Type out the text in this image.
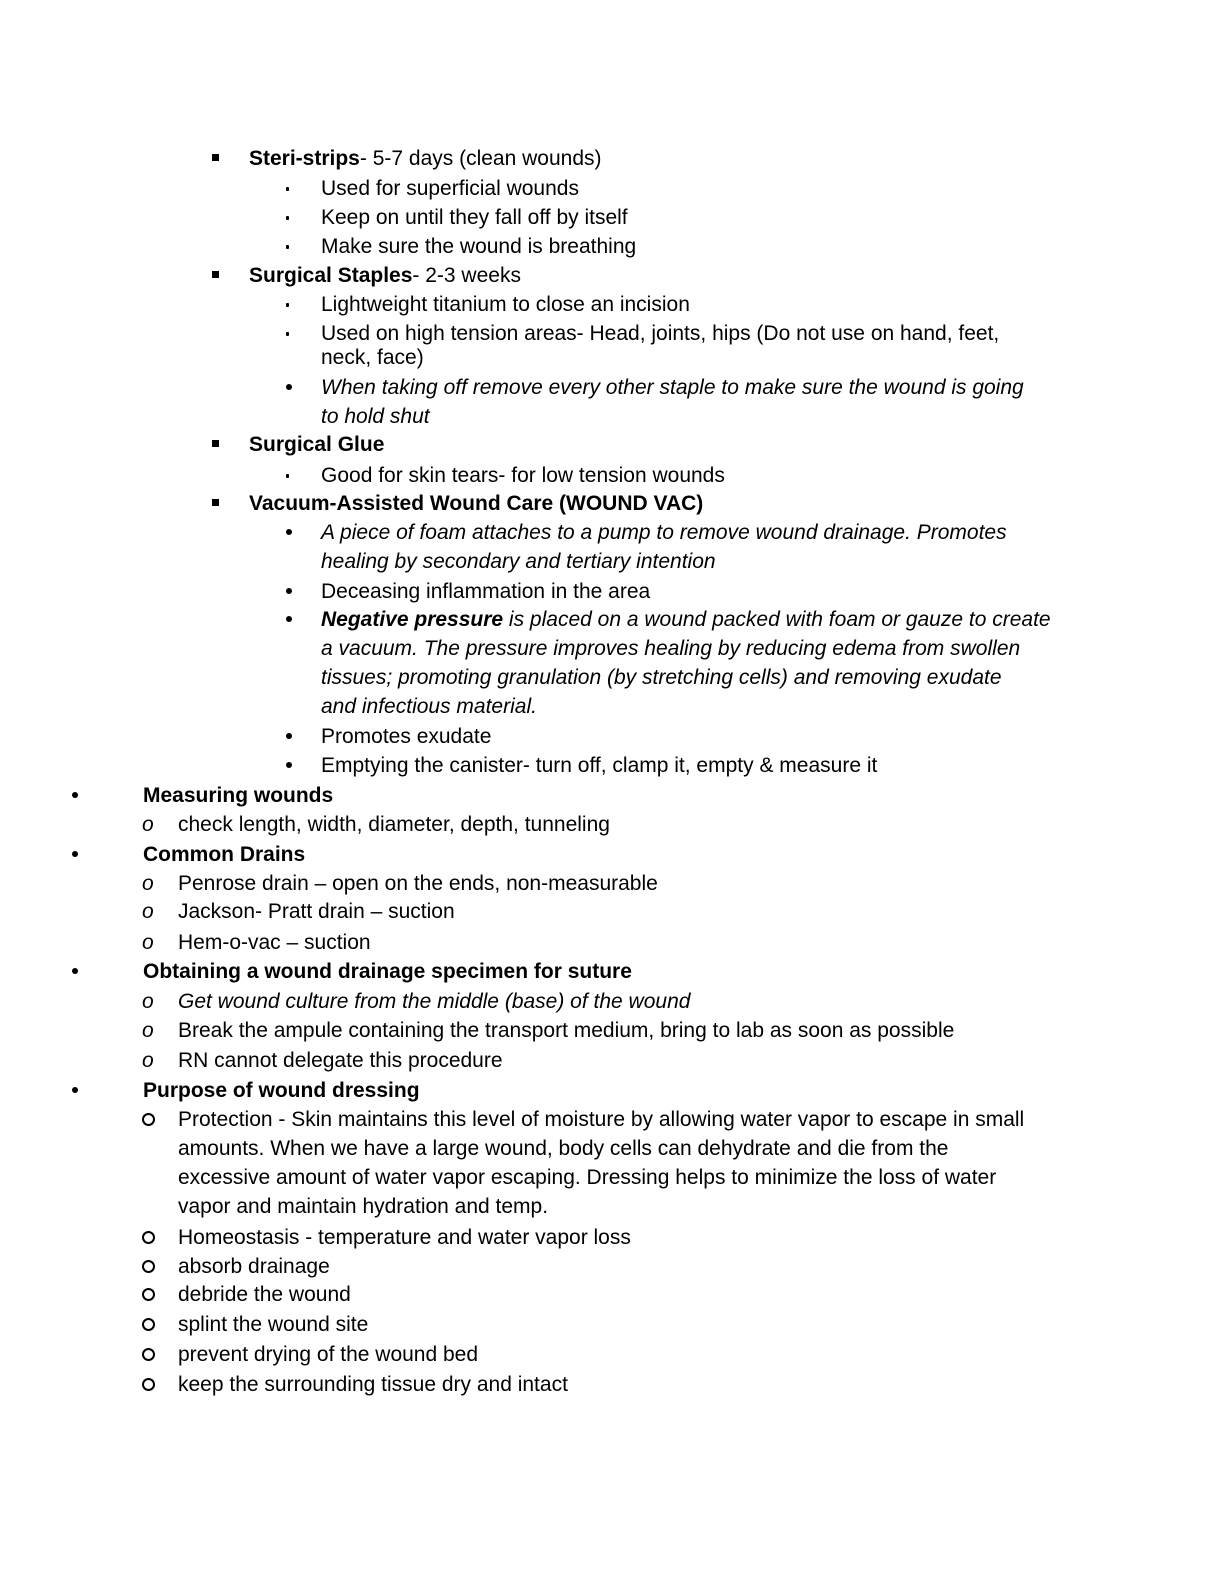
Steri-strips- 5-7 days (clean wounds)
Used for superficial wounds
Keep on until they fall off by itself
Make sure the wound is breathing
Surgical Staples- 2-3 weeks
Lightweight titanium to close an incision
Used on high tension areas- Head, joints, hips (Do not use on hand, feet,
neck, face)
When taking off remove every other staple to make sure the wound is going
to hold shut
Surgical Glue
Good for skin tears- for low tension wounds
Vacuum-Assisted Wound Care (WOUND VAC)
A piece of foam attaches to a pump to remove wound drainage. Promotes
healing by secondary and tertiary intention
Deceasing inflammation in the area
Negative pressure is placed on a wound packed with foam or gauze to create
a vacuum. The pressure improves healing by reducing edema from swollen
tissues; promoting granulation (by stretching cells) and removing exudate
and infectious material.
Promotes exudate
Emptying the canister- turn off, clamp it, empty & measure it
Measuring wounds
o check length, width, diameter, depth, tunneling
Common Drains
o Penrose drain – open on the ends, non-measurable
o Jackson- Pratt drain – suction
o Hem-o-vac – suction
Obtaining a wound drainage specimen for suture
o Get wound culture from the middle (base) of the wound
o Break the ampule containing the transport medium, bring to lab as soon as possible
o RN cannot delegate this procedure
Purpose of wound dressing
Protection - Skin maintains this level of moisture by allowing water vapor to escape in small
amounts. When we have a large wound, body cells can dehydrate and die from the
excessive amount of water vapor escaping. Dressing helps to minimize the loss of water
vapor and maintain hydration and temp.
Homeostasis - temperature and water vapor loss
absorb drainage
debride the wound
splint the wound site
prevent drying of the wound bed
keep the surrounding tissue dry and intact
